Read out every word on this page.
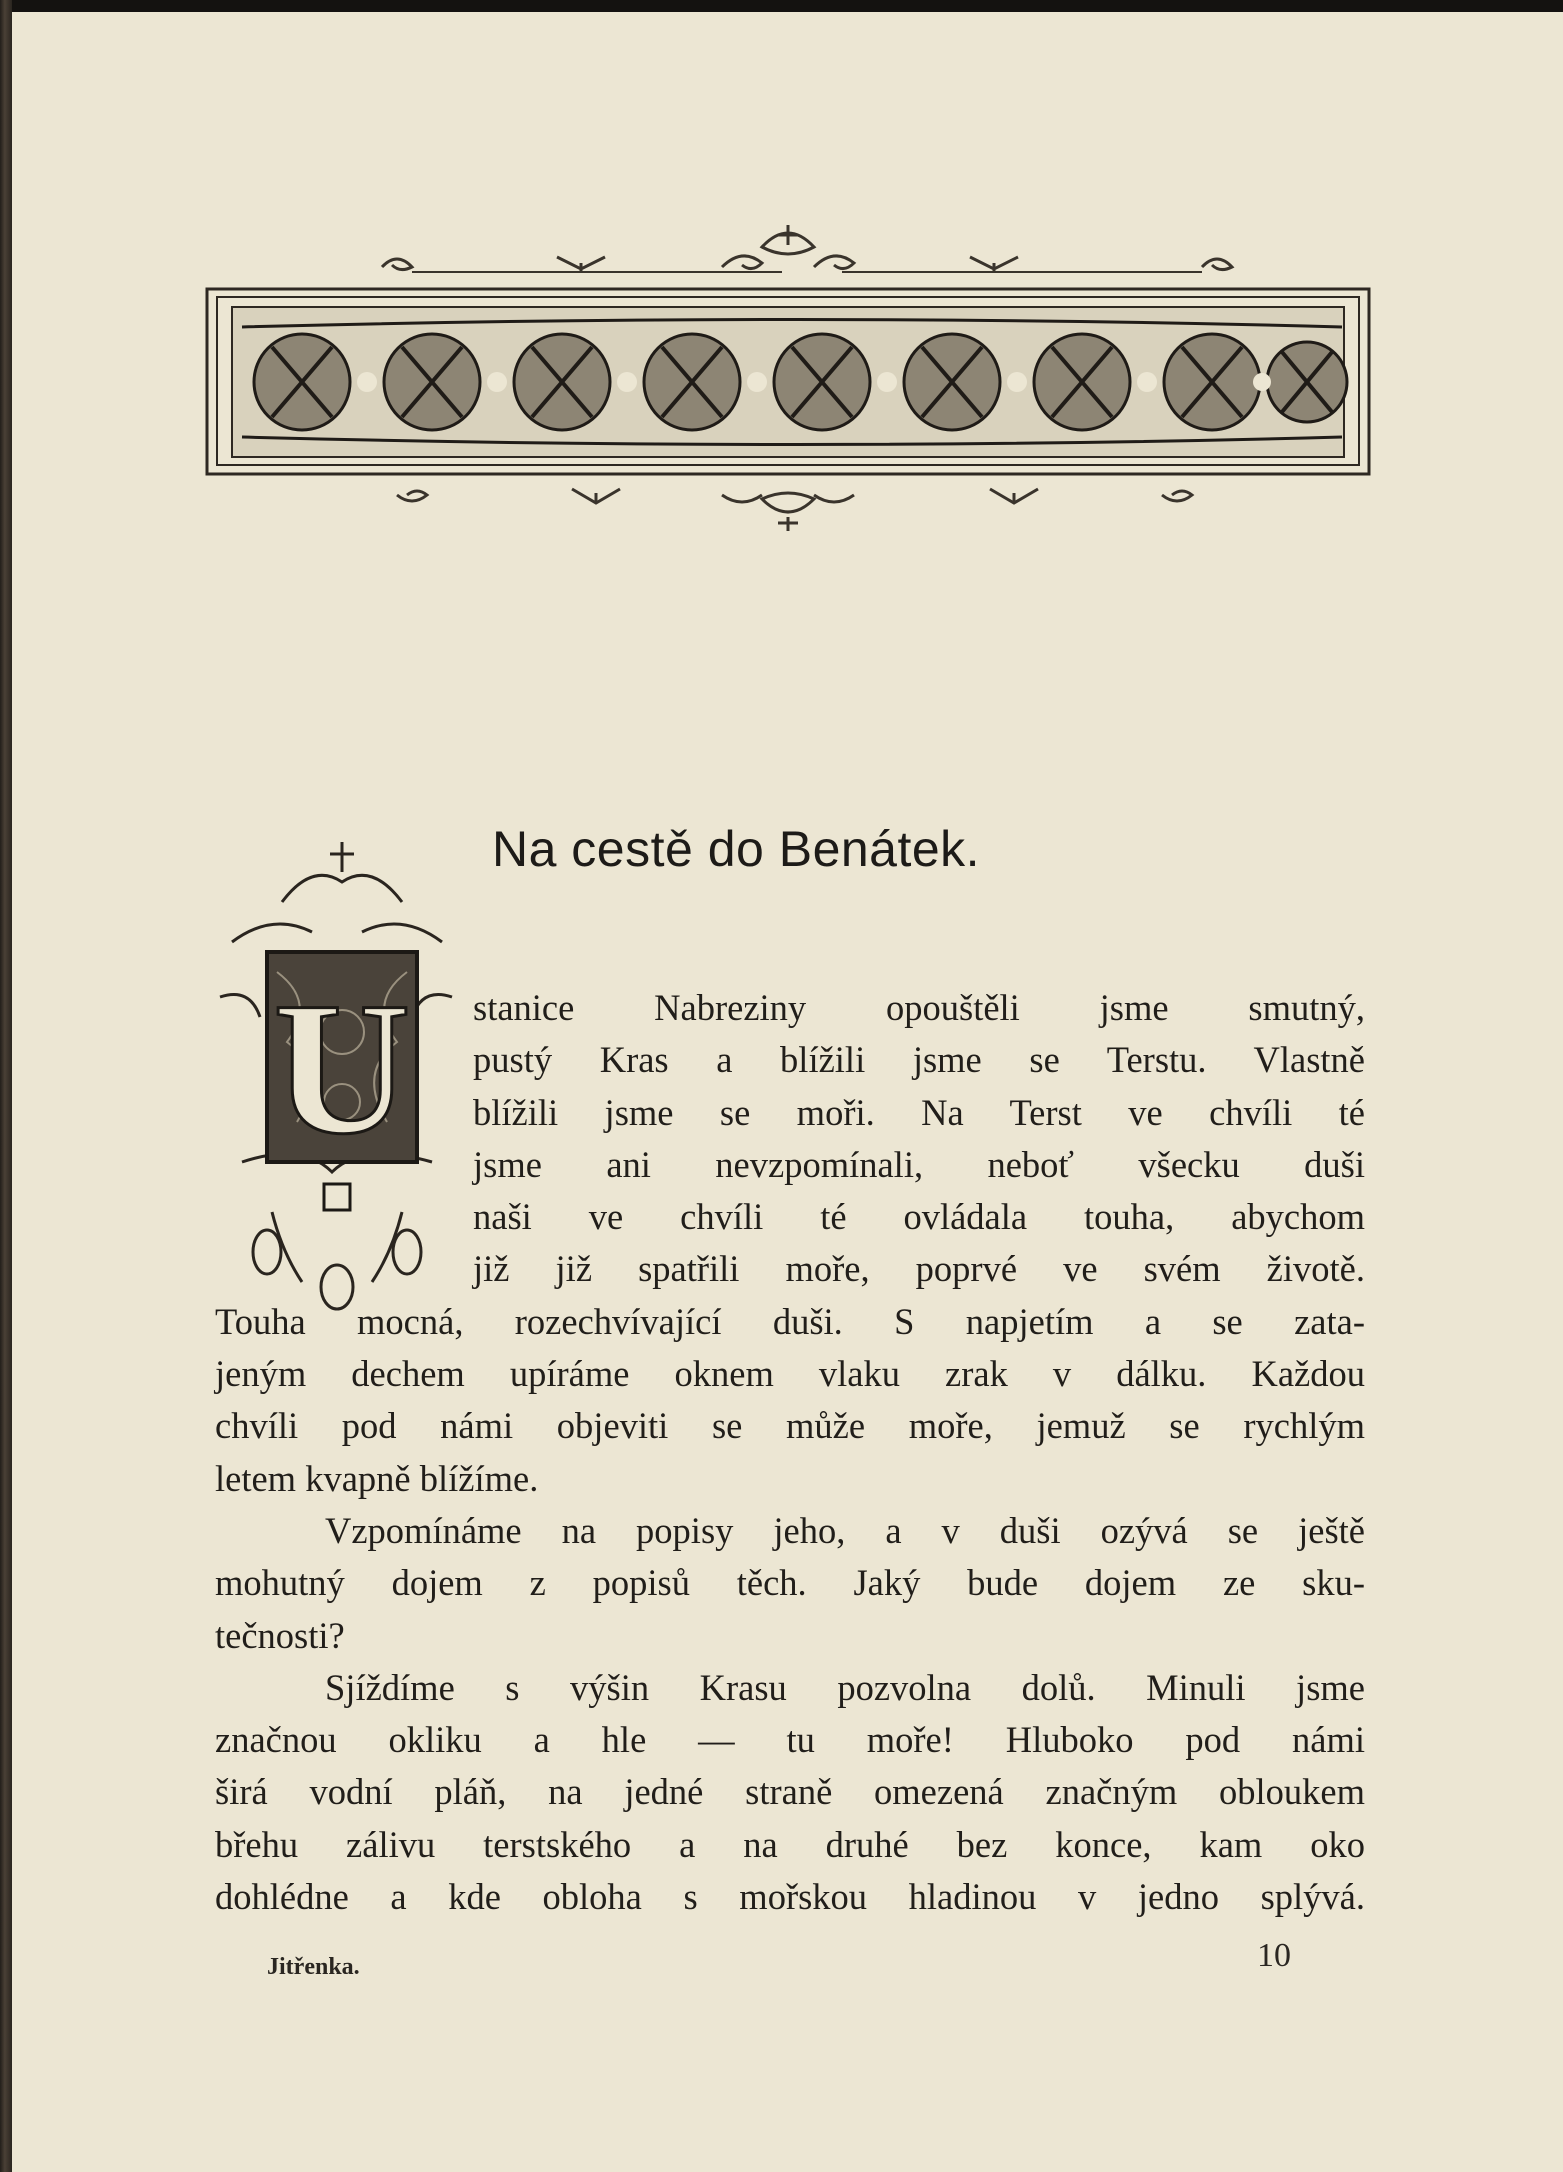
Na cestě do Benátek.
U stanice Nabreziny opouštěli jsme smutný,
pustý Kras a blížili jsme se Terstu. Vlastně
blížili jsme se moři. Na Terst ve chvíli té
jsme ani nevzpomínali, neboť všecku duši
naši ve chvíli té ovládala touha, abychom
již již spatřili moře, poprvé ve svém životě.
Touha mocná, rozechvívající duši. S napjetím a se zata-
jeným dechem upíráme oknem vlaku zrak v dálku. Každou
chvíli pod námi objeviti se může moře, jemuž se rychlým
letem kvapně blížíme.
Vzpomínáme na popisy jeho, a v duši ozývá se ještě
mohutný dojem z popisů těch. Jaký bude dojem ze sku-
tečnosti?
Sjíždíme s výšin Krasu pozvolna dolů. Minuli jsme
značnou okliku a hle — tu moře! Hluboko pod námi
širá vodní pláň, na jedné straně omezená značným obloukem
břehu zálivu terstského a na druhé bez konce, kam oko
dohlédne a kde obloha s mořskou hladinou v jedno splývá.
Jitřenka.	10
